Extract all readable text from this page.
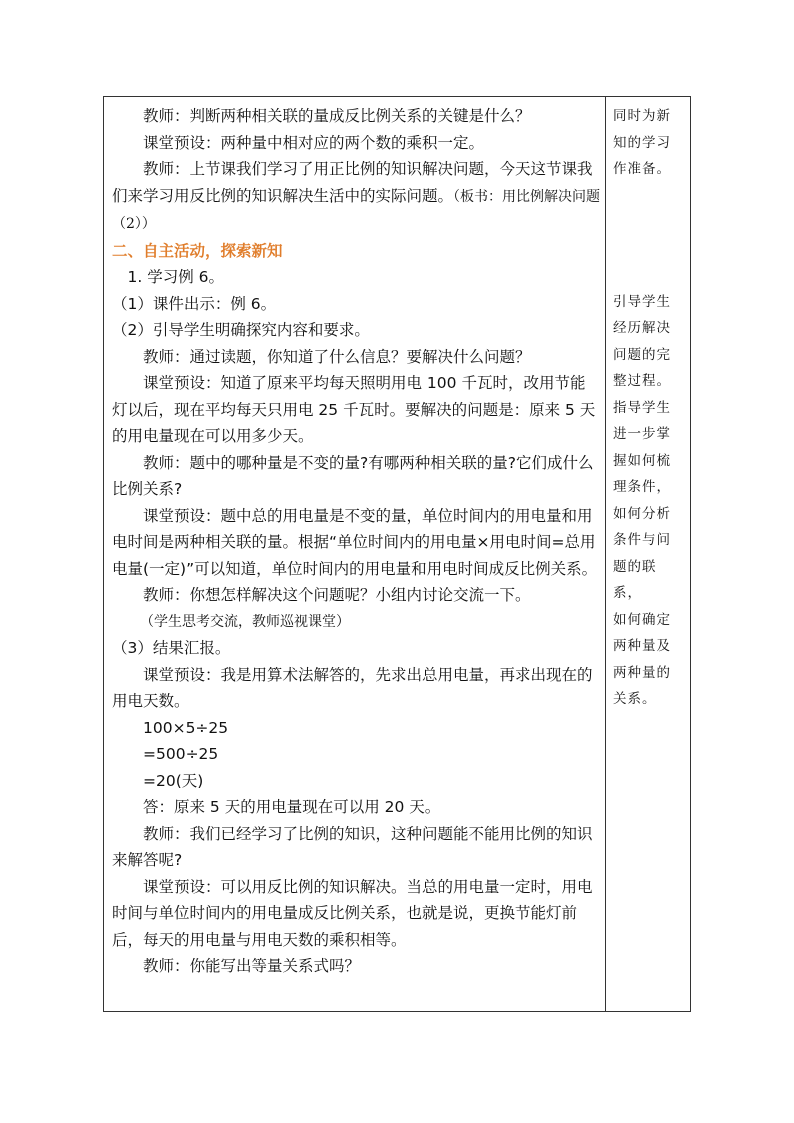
教师：判断两种相关联的量成反比例关系的关键是什么？

课堂预设：两种量中相对应的两个数的乘积一定。

教师：上节课我们学习了用正比例的知识解决问题，今天这节课我们来学习用反比例的知识解决生活中的实际问题。（板书：用比例解决问题（2））

二、自主活动，探索新知

1. 学习例 6。

（1）课件出示：例 6。

（2）引导学生明确探究内容和要求。

教师：通过读题，你知道了什么信息？要解决什么问题？

课堂预设：知道了原来平均每天照明用电 100 千瓦时，改用节能灯以后，现在平均每天只用电 25 千瓦时。要解决的问题是：原来 5 天的用电量现在可以用多少天。

教师：题中的哪种量是不变的量?有哪两种相关联的量?它们成什么比例关系?

课堂预设：题中总的用电量是不变的量，单位时间内的用电量和用电时间是两种相关联的量。根据“单位时间内的用电量×用电时间=总用电量(一定)”可以知道，单位时间内的用电量和用电时间成反比例关系。

教师：你想怎样解决这个问题呢？小组内讨论交流一下。

（学生思考交流，教师巡视课堂）

（3）结果汇报。

课堂预设：我是用算术法解答的，先求出总用电量，再求出现在的用电天数。

100×5÷25

=500÷25

=20(天)

答：原来 5 天的用电量现在可以用 20 天。

教师：我们已经学习了比例的知识，这种问题能不能用比例的知识来解答呢?

课堂预设：可以用反比例的知识解决。当总的用电量一定时，用电时间与单位时间内的用电量成反比例关系，也就是说，更换节能灯前后，每天的用电量与用电天数的乘积相等。

教师：你能写出等量关系式吗？

同时为新

知的学习

作准备。

引导学生

经历解决

问题的完

整过程。

指导学生

进一步掌

握如何梳

理条件，

如何分析

条件与问

题的联系，

如何确定

两种量及

两种量的

关系。
